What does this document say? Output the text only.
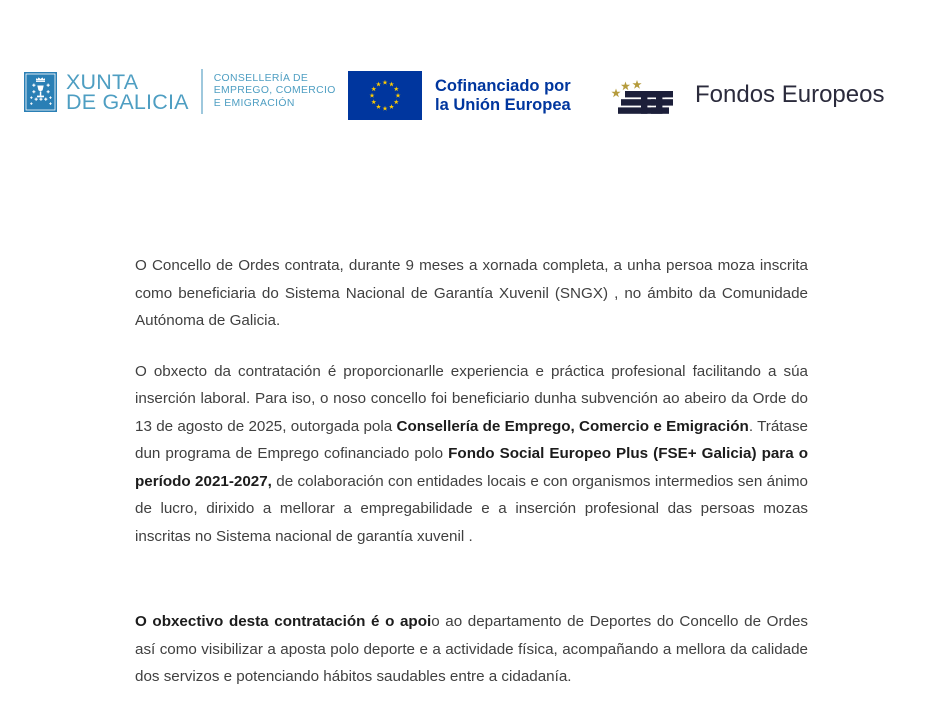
XUNTA
DE GALICIA
CONSELLERÍA DE
EMPREGO, COMERCIO
E EMIGRACIÓN
Cofinanciado por
la Unión Europea	Fondos Europeos

O Concello de Ordes contrata, durante 9 meses a xornada completa, a unha persoa moza inscrita como beneficiaria do Sistema Nacional de Garantía Xuvenil (SNGX) , no ámbito da Comunidade Autónoma de Galicia.

O obxecto da contratación é proporcionarlle experiencia e práctica profesional facilitando a súa inserción laboral. Para iso, o noso concello foi beneficiario dunha subvención ao abeiro da Orde do 13 de agosto de 2025, outorgada pola Consellería de Emprego, Comercio e Emigración. Trátase dun programa de Emprego cofinanciado polo Fondo Social Europeo Plus (FSE+ Galicia) para o período 2021-2027, de colaboración con entidades locais e con organismos intermedios sen ánimo de lucro, dirixido a mellorar a empregabilidade e a inserción profesional das persoas mozas inscritas no Sistema nacional de garantía xuvenil .

O obxectivo desta contratación é o apoio ao departamento de Deportes do Concello de Ordes así como visibilizar a aposta polo deporte e a actividade física, acompañando a mellora da calidade dos servizos e potenciando hábitos saudables entre a cidadanía.
